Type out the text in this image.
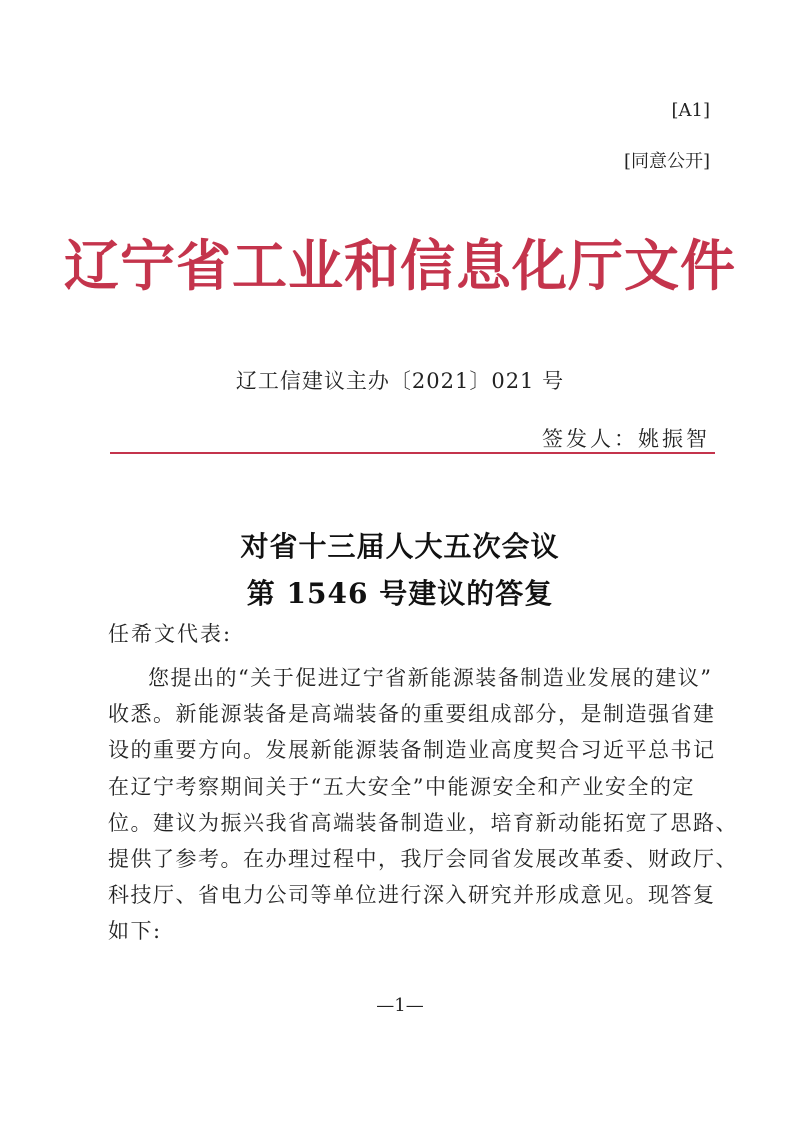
[A1]
[同意公开]
辽宁省工业和信息化厅文件
辽工信建议主办〔2021〕021 号
签发人：姚振智
对省十三届人大五次会议
第 1546 号建议的答复
任希文代表:
您提出的“关于促进辽宁省新能源装备制造业发展的建议”
收悉。新能源装备是高端装备的重要组成部分，是制造强省建
设的重要方向。发展新能源装备制造业高度契合习近平总书记
在辽宁考察期间关于“五大安全”中能源安全和产业安全的定
位。建议为振兴我省高端装备制造业，培育新动能拓宽了思路、
提供了参考。在办理过程中，我厅会同省发展改革委、财政厅、
科技厅、省电力公司等单位进行深入研究并形成意见。现答复
如下:
—1—
